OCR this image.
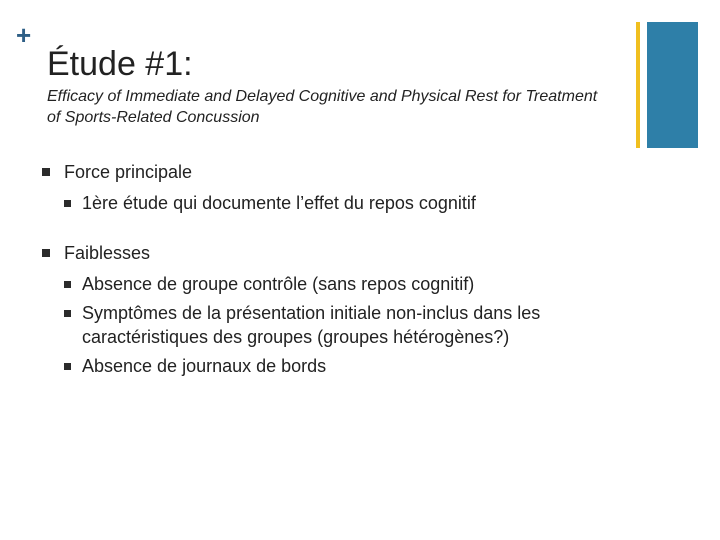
+
Étude #1:

Efficacy of Immediate and Delayed Cognitive and Physical Rest for Treatment of Sports-Related Concussion

Force principale
1ère étude qui documente l’effet du repos cognitif
Faiblesses
Absence de groupe contrôle (sans repos cognitif)
Symptômes de la présentation initiale non-inclus dans les caractéristiques des groupes (groupes hétérogènes?)
Absence de journaux de bords
